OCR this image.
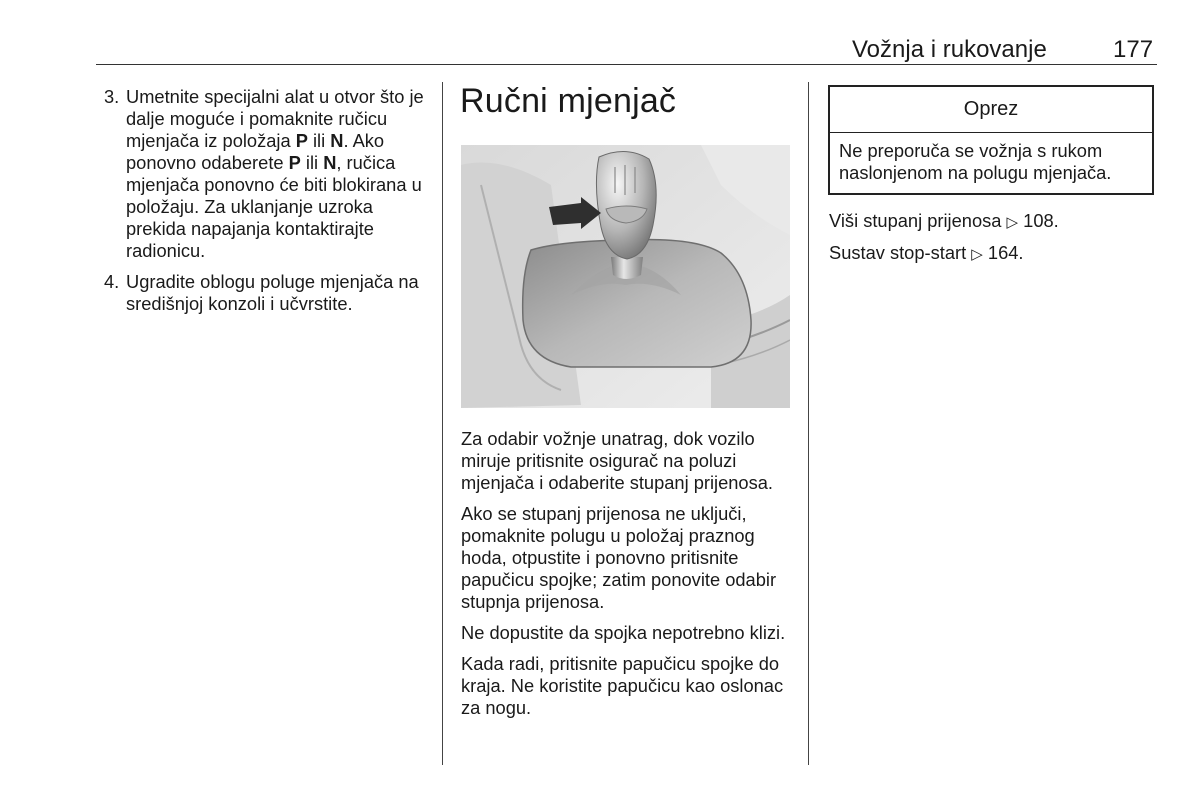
Vožnja i rukovanje	177
3. Umetnite specijalni alat u otvor što je dalje moguće i pomaknite ručicu mjenjača iz položaja P ili N. Ako ponovno odaberete P ili N, ručica mjenjača ponovno će biti blokirana u položaju. Za uklanjanje uzroka prekida napajanja kontaktirajte radionicu.
4. Ugradite oblogu poluge mjenjača na središnjoj konzoli i učvrstite.
Ručni mjenjač

Za odabir vožnje unatrag, dok vozilo miruje pritisnite osigurač na poluzi mjenjača i odaberite stupanj prijenosa.

Ako se stupanj prijenosa ne uključi, pomaknite polugu u položaj praznog hoda, otpustite i ponovno pritisnite papučicu spojke; zatim ponovite odabir stupnja prijenosa.

Ne dopustite da spojka nepotrebno klizi.

Kada radi, pritisnite papučicu spojke do kraja. Ne koristite papučicu kao oslonac za nogu.

Oprez
Ne preporuča se vožnja s rukom naslonjenom na polugu mjenjača.

Viši stupanj prijenosa ▷ 108.

Sustav stop-start ▷ 164.
